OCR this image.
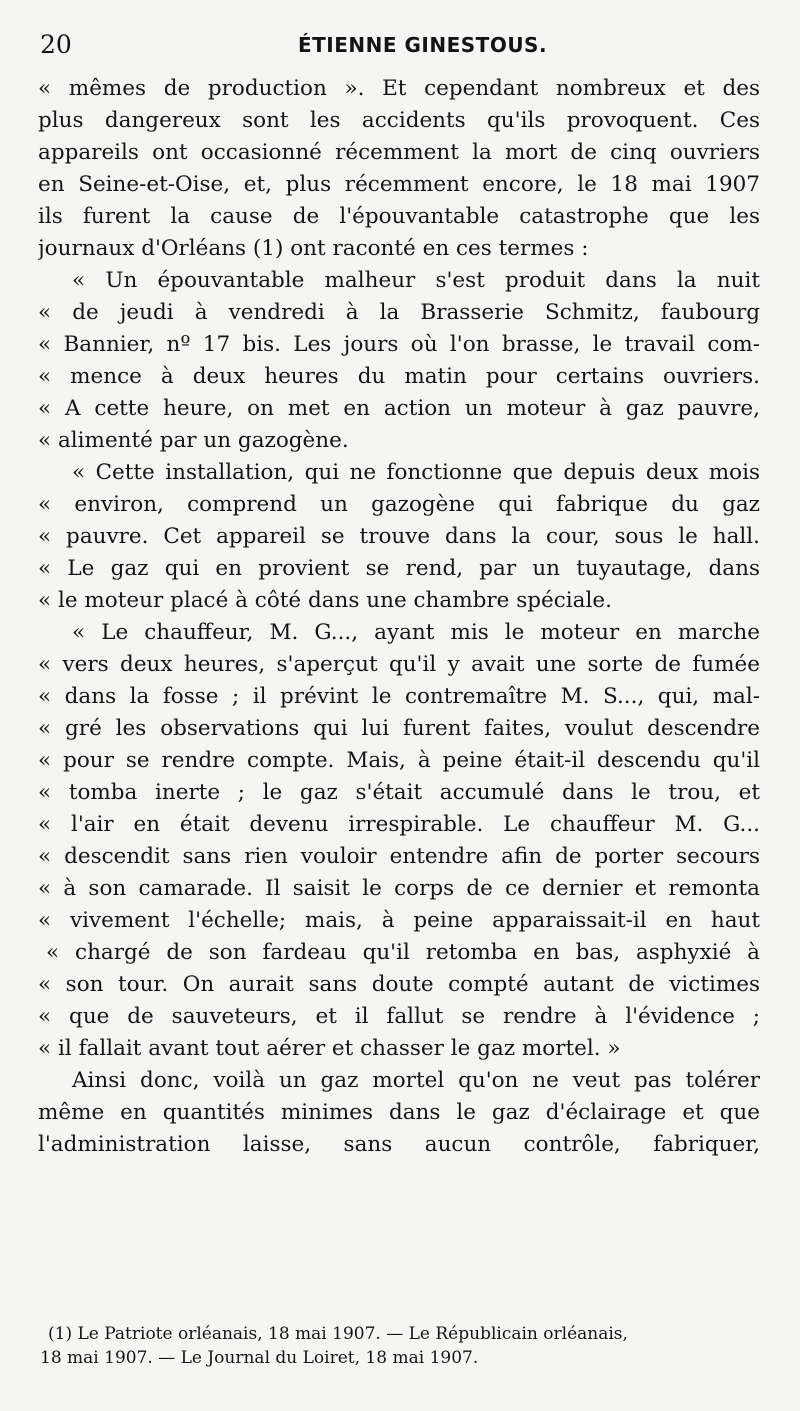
20	ÉTIENNE GINESTOUS.
« mêmes de production ». Et cependant nombreux et des
plus dangereux sont les accidents qu'ils provoquent. Ces
appareils ont occasionné récemment la mort de cinq ouvriers
en Seine-et-Oise, et, plus récemment encore, le 18 mai 1907
ils furent la cause de l'épouvantable catastrophe que les
journaux d'Orléans (1) ont raconté en ces termes :
« Un épouvantable malheur s'est produit dans la nuit
« de jeudi à vendredi à la Brasserie Schmitz, faubourg
« Bannier, nº 17 bis. Les jours où l'on brasse, le travail com-
« mence à deux heures du matin pour certains ouvriers.
« A cette heure, on met en action un moteur à gaz pauvre,
« alimenté par un gazogène.
« Cette installation, qui ne fonctionne que depuis deux mois
« environ, comprend un gazogène qui fabrique du gaz
« pauvre. Cet appareil se trouve dans la cour, sous le hall.
« Le gaz qui en provient se rend, par un tuyautage, dans
« le moteur placé à côté dans une chambre spéciale.
« Le chauffeur, M. G..., ayant mis le moteur en marche
« vers deux heures, s'aperçut qu'il y avait une sorte de fumée
« dans la fosse ; il prévint le contremaître M. S..., qui, mal-
« gré les observations qui lui furent faites, voulut descendre
« pour se rendre compte. Mais, à peine était-il descendu qu'il
« tomba inerte ; le gaz s'était accumulé dans le trou, et
« l'air en était devenu irrespirable. Le chauffeur M. G...
« descendit sans rien vouloir entendre afin de porter secours
« à son camarade. Il saisit le corps de ce dernier et remonta
« vivement l'échelle; mais, à peine apparaissait-il en haut
« chargé de son fardeau qu'il retomba en bas, asphyxié à
« son tour. On aurait sans doute compté autant de victimes
« que de sauveteurs, et il fallut se rendre à l'évidence ;
« il fallait avant tout aérer et chasser le gaz mortel. »
Ainsi donc, voilà un gaz mortel qu'on ne veut pas tolérer
même en quantités minimes dans le gaz d'éclairage et que
l'administration laisse, sans aucun contrôle, fabriquer,
(1) Le Patriote orléanais, 18 mai 1907. — Le Républicain orléanais,
18 mai 1907. — Le Journal du Loiret, 18 mai 1907.
